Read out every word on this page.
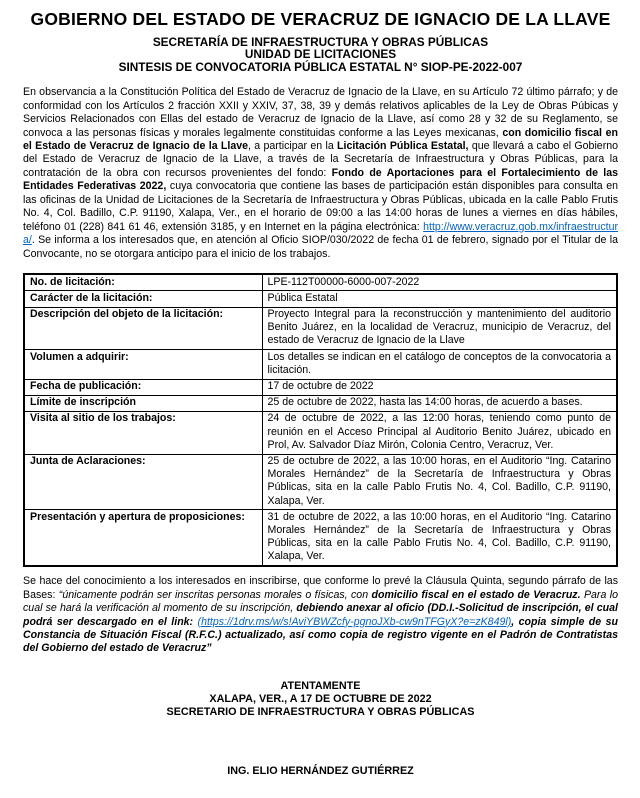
GOBIERNO DEL ESTADO DE VERACRUZ DE IGNACIO DE LA LLAVE
SECRETARÍA DE INFRAESTRUCTURA Y OBRAS PÚBLICAS
UNIDAD DE LICITACIONES
SINTESIS DE CONVOCATORIA PÚBLICA ESTATAL N° SIOP-PE-2022-007

En observancia a la Constitución Política del Estado de Veracruz de Ignacio de la Llave, en su Artículo 72 último párrafo; y de conformidad con los Artículos 2 fracción XXII y XXIV, 37, 38, 39 y demás relativos aplicables de la Ley de Obras Púbicas y Servicios Relacionados con Ellas del estado de Veracruz de Ignacio de la Llave, así como 28 y 32 de su Reglamento, se convoca a las personas físicas y morales legalmente constituidas conforme a las Leyes mexicanas, con domicilio fiscal en el Estado de Veracruz de Ignacio de la Llave, a participar en la Licitación Pública Estatal, que llevará a cabo el Gobierno del Estado de Veracruz de Ignacio de la Llave, a través de la Secretaría de Infraestructura y Obras Públicas, para la contratación de la obra con recursos provenientes del fondo: Fondo de Aportaciones para el Fortalecimiento de las Entidades Federativas 2022, cuya convocatoria que contiene las bases de participación están disponibles para consulta en las oficinas de la Unidad de Licitaciones de la Secretaría de Infraestructura y Obras Públicas, ubicada en la calle Pablo Frutis No. 4, Col. Badillo, C.P. 91190, Xalapa, Ver., en el horario de 09:00 a las 14:00 horas de lunes a viernes en días hábiles, teléfono 01 (228) 841 61 46, extensión 3185, y en Internet en la página electrónica: http://www.veracruz.gob.mx/infraestructura/. Se informa a los interesados que, en atención al Oficio SIOP/030/2022 de fecha 01 de febrero, signado por el Titular de la Convocante, no se otorgara anticipo para el inicio de los trabajos.

No. de licitación:	LPE-112T00000-6000-007-2022
Carácter de la licitación:	Pública Estatal
Descripción del objeto de la licitación:	Proyecto Integral para la reconstrucción y mantenimiento del auditorio Benito Juárez, en la localidad de Veracruz, municipio de Veracruz, del estado de Veracruz de Ignacio de la Llave
Volumen a adquirir:	Los detalles se indican en el catálogo de conceptos de la convocatoria a licitación.
Fecha de publicación:	17 de octubre de 2022
Límite de inscripción	25 de octubre de 2022, hasta las 14:00 horas, de acuerdo a bases.
Visita al sitio de los trabajos:	24 de octubre de 2022, a las 12:00 horas, teniendo como punto de reunión en el Acceso Principal al Auditorio Benito Juárez, ubicado en Prol, Av. Salvador Díaz Mirón, Colonia Centro, Veracruz, Ver.
Junta de Aclaraciones:	25 de octubre de 2022, a las 10:00 horas, en el Auditorio “Ing. Catarino Morales Hernández” de la Secretaría de Infraestructura y Obras Públicas, sita en la calle Pablo Frutis No. 4, Col. Badillo, C.P. 91190, Xalapa, Ver.
Presentación y apertura de proposiciones:	31 de octubre de 2022, a las 10:00 horas, en el Auditorio “Ing. Catarino Morales Hernández” de la Secretaría de Infraestructura y Obras Públicas, sita en la calle Pablo Frutis No. 4, Col. Badillo, C.P. 91190, Xalapa, Ver.

Se hace del conocimiento a los interesados en inscribirse, que conforme lo prevé la Cláusula Quinta, segundo párrafo de las Bases: “únicamente podrán ser inscritas personas morales o físicas, con domicilio fiscal en el estado de Veracruz. Para lo cual se hará la verificación al momento de su inscripción, debiendo anexar al oficio (DD.I.-Solicitud de inscripción, el cual podrá ser descargado en el link: (https://1drv.ms/w/s!AviYBWZcfy-pgnoJXb-cw9nTFGyX?e=zK849l), copia simple de su Constancia de Situación Fiscal (R.F.C.) actualizado, así como copia de registro vigente en el Padrón de Contratistas del Gobierno del estado de Veracruz”

ATENTAMENTE
XALAPA, VER., A 17 DE OCTUBRE DE 2022
SECRETARIO DE INFRAESTRUCTURA Y OBRAS PÚBLICAS
ING. ELIO HERNÁNDEZ GUTIÉRREZ
